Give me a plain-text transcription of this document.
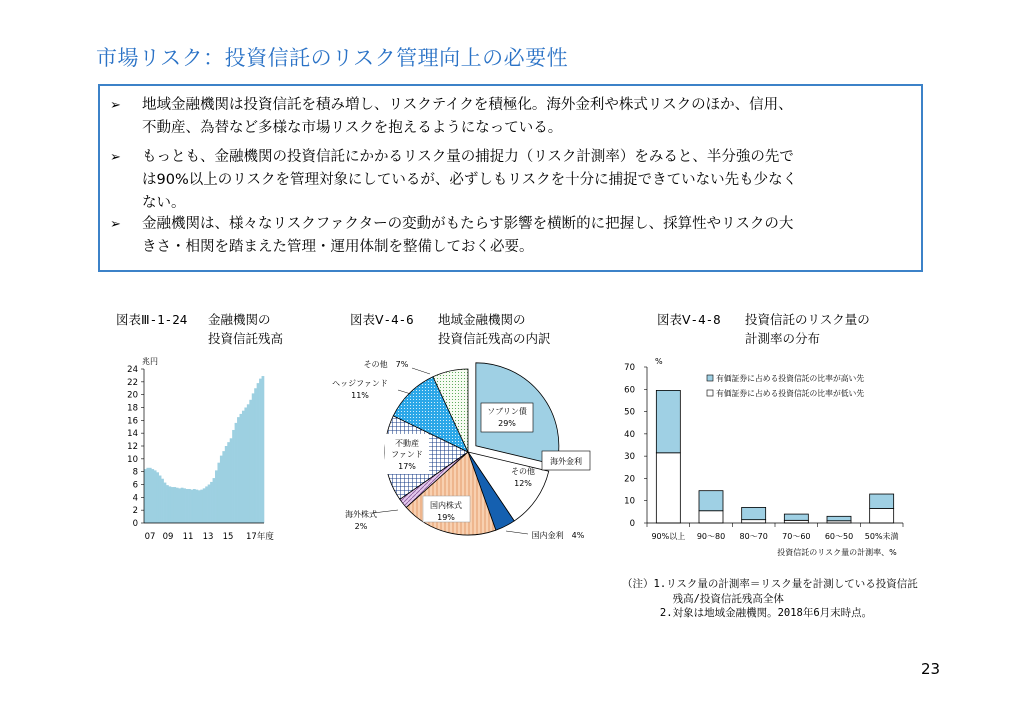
市場リスク：投資信託のリスク管理向上の必要性
➢ 地域金融機関は投資信託を積み増し、リスクテイクを積極化。海外金利や株式リスクのほか、信用、
不動産、為替など多様な市場リスクを抱えるようになっている。
➢ もっとも、金融機関の投資信託にかかるリスク量の捕捉力（リスク計測率）をみると、半分強の先で
は90%以上のリスクを管理対象にしているが、必ずしもリスクを十分に捕捉できていない先も少なく
ない。
➢ 金融機関は、様々なリスクファクターの変動がもたらす影響を横断的に把握し、採算性やリスクの大
きさ・相関を踏まえた管理・運用体制を整備しておく必要。
図表Ⅲ-1-24 金融機関の
投資信託残高
図表Ⅴ-4-6 地域金融機関の
投資信託残高の内訳
図表Ⅴ-4-8 投資信託のリスク量の
計測率の分布
兆円
0
2
4
6
8
10
12
14
16
18
20
22
24
07 09 11 13 15 17年度
ソブリン債
29%
その他
12%
海外金利
国内株式
19%
不動産
ファンド
17%
ヘッジファンド
11%
その他　7%
海外株式
2%
国内金利　4%
%
0
10
20
30
40
50
60
70
90%以上 90～80 80～70 70～60 60～50 50%未満
投資信託のリスク量の計測率、%
有価証券に占める投資信託の比率が高い先
有価証券に占める投資信託の比率が低い先
（注）1.リスク量の計測率＝リスク量を計測している投資信託
残高/投資信託残高全体
2.対象は地域金融機関。2018年6月末時点。
23
